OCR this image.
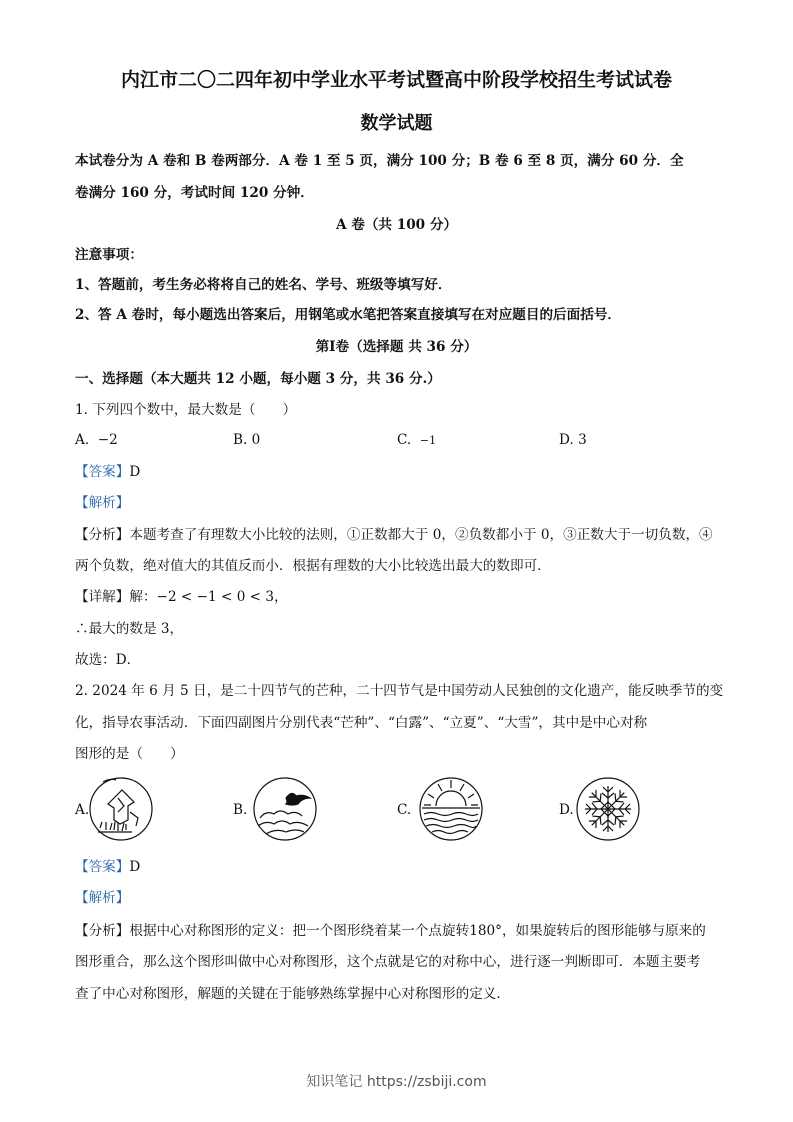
内江市二〇二四年初中学业水平考试暨高中阶段学校招生考试试卷
数学试题
本试卷分为 A 卷和 B 卷两部分．A 卷 1 至 5 页，满分 100 分；B 卷 6 至 8 页，满分 60 分．全
卷满分 160 分，考试时间 120 分钟．
A 卷（共 100 分）
注意事项：
1、答题前，考生务必将将自己的姓名、学号、班级等填写好．
2、答 A 卷时，每小题选出答案后，用钢笔或水笔把答案直接填写在对应题目的后面括号．
第Ⅰ卷（选择题 共 36 分）
一、选择题（本大题共 12 小题，每小题 3 分，共 36 分.）
1. 下列四个数中，最大数是（　　）
A. −2	B. 0	C. −1	D. 3
【答案】D
【解析】
【分析】本题考查了有理数大小比较的法则，①正数都大于 0，②负数都小于 0，③正数大于一切负数，④
两个负数，绝对值大的其值反而小．根据有理数的大小比较选出最大的数即可．
【详解】解：−2 < −1 < 0 < 3，
∴最大的数是 3，
故选：D．
2. 2024 年 6 月 5 日，是二十四节气的芒种，二十四节气是中国劳动人民独创的文化遗产，能反映季节的变
化，指导农事活动．下面四副图片分别代表“芒种”、“白露”、“立夏”、“大雪”，其中是中心对称
图形的是（　　）
A.	B.	C.	D.
【答案】D
【解析】
【分析】根据中心对称图形的定义：把一个图形绕着某一个点旋转180°，如果旋转后的图形能够与原来的
图形重合，那么这个图形叫做中心对称图形，这个点就是它的对称中心，进行逐一判断即可．本题主要考
查了中心对称图形，解题的关键在于能够熟练掌握中心对称图形的定义．
知识笔记 https://zsbiji.com
